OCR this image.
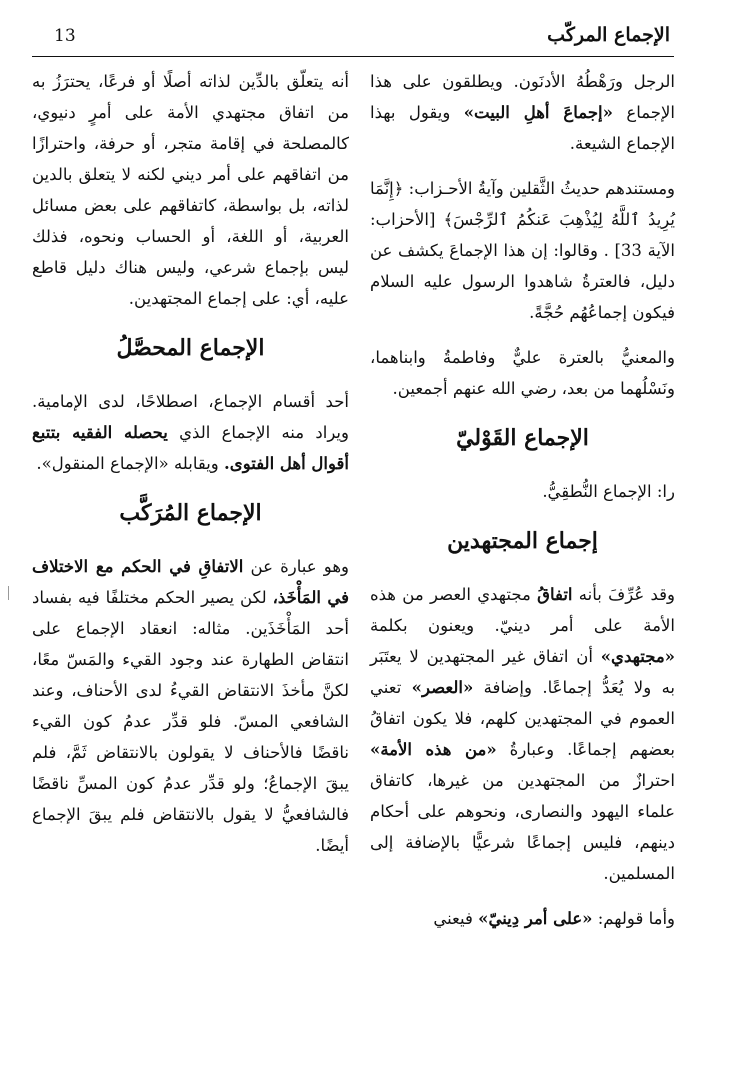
13	الإجماع المركّب

الرجل ورَهْطُهُ الأدنَون. ويطلقون على هذا الإجماع «إجماعَ أهلِ البيت» ويقول بهذا الإجماع الشيعة.

ومستندهم حديثُ الثَّقلين وآيةُ الأحـزاب: ﴿إِنَّمَا يُرِيدُ ٱللَّهُ لِيُذْهِبَ عَنكُمُ ٱلرِّجْسَ﴾ [الأحزاب: الآية 33] . وقالوا: إن هذا الإجماعَ يكشف عن دليل، فالعترةُ شاهدوا الرسول عليه السلام فيكون إجماعُهُم حُجَّةً.

والمعنيُّ بالعترة عليٌّ وفاطمةُ وابناهما، ونَسْلُهما من بعد، رضي الله عنهم أجمعين.

الإجماع القَوْليّ

را: الإجماع النُّطقِيُّ.

إجماع المجتهدين

وقد عُرِّفَ بأنه اتفاقُ مجتهدي العصر من هذه الأمة على أمر دينيّ. ويعنون بكلمة «مجتهدي» أن اتفاق غير المجتهدين لا يعتَبَر به ولا يُعَدُّ إجماعًا. وإضافة «العصر» تعني العموم في المجتهدين كلهم، فلا يكون اتفاقُ بعضهم إجماعًا. وعبارةُ «من هذه الأمة» احترازٌ من المجتهدين من غيرها، كاتفاق علماء اليهود والنصارى، ونحوهم على أحكام دينهم، فليس إجماعًا شرعيًّا بالإضافة إلى المسلمين.

وأما قولهم: «على أمر دِينيّ» فيعني

أنه يتعلّق بالدِّين لذاته أصلًا أو فرعًا، يحترَزُ به من اتفاق مجتهدي الأمة على أمرٍ دنيوي، كالمصلحة في إقامة متجر، أو حرفة، واحترازًا من اتفاقهم على أمر ديني لكنه لا يتعلق بالدين لذاته، بل بواسطة، كاتفاقهم على بعض مسائل العربية، أو اللغة، أو الحساب ونحوه، فذلك ليس بإجماع شرعي، وليس هناك دليل قاطع عليه، أي: على إجماع المجتهدين.

الإجماع المحصَّلُ

أحد أقسام الإجماع، اصطلاحًا، لدى الإمامية. ويراد منه الإجماع الذي يحصله الفقيه بتتبع أقوال أهل الفتوى. ويقابله «الإجماع المنقول».

الإجماع المُرَكَّب

وهو عبارة عن الاتفاقِ في الحكم مع الاختلاف في المَأْخَذ، لكن يصير الحكم مختلفًا فيه بفساد أحد المَأْخَذَين. مثاله: انعقاد الإجماع على انتقاض الطهارة عند وجود القيء والمَسّ معًا، لكنَّ مأخذَ الانتقاض القيءُ لدى الأحناف، وعند الشافعي المسّ. فلو قدِّر عدمُ كون القيء ناقضًا فالأحناف لا يقولون بالانتقاض ثَمَّ، فلم يبقَ الإجماعُ؛ ولو قدِّر عدمُ كون المسِّ ناقضًا فالشافعيُّ لا يقول بالانتقاض فلم يبقَ الإجماع أيضًا.
